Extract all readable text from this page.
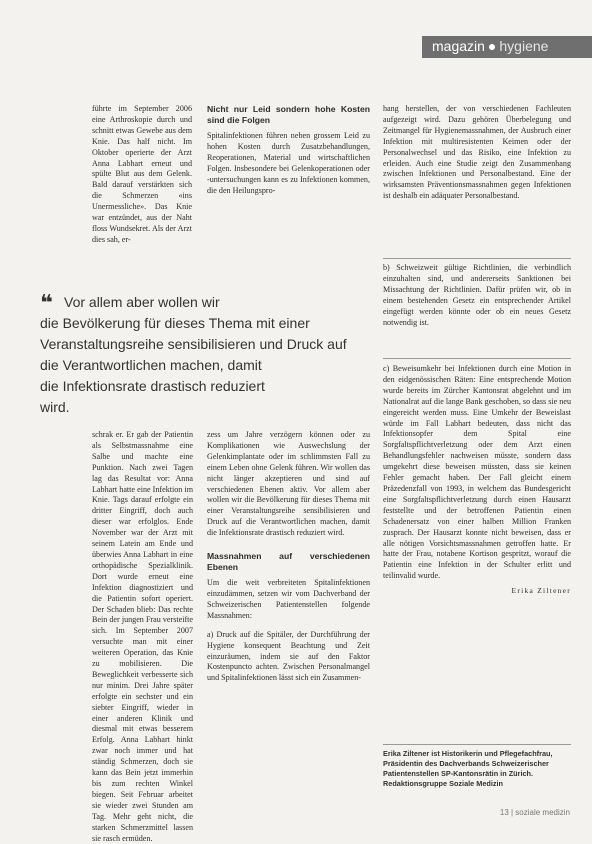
magazin ● hygiene

führte im September 2006 eine Arthroskopie durch und schnitt etwas Gewebe aus dem Knie. Das half nicht. Im Oktober operierte der Arzt Anna Labhart erneut und spülte Blut aus dem Gelenk. Bald darauf verstärkten sich die Schmerzen «ins Unermessliche». Das Knie war entzündet, aus der Naht floss Wundsekret. Als der Arzt dies sah, er-

Nicht nur Leid sondern hohe Kosten sind die Folgen

Spitalinfektionen führen neben grossem Leid zu hohen Kosten durch Zusatzbehandlungen, Reoperationen, Material und wirtschaftlichen Folgen. Insbesondere bei Gelenkoperationen oder -untersuchungen kann es zu Infektionen kommen, die den Heilungspro-

❝ Vor allem aber wollen wir
die Bevölkerung für dieses Thema mit einer
Veranstaltungsreihe sensibilisieren und Druck auf
die Verantwortlichen machen, damit
die Infektionsrate drastisch reduziert
wird.

schrak er. Er gab der Patientin als Selbstmassnahme eine Salbe und machte eine Punktion. Nach zwei Tagen lag das Resultat vor: Anna Labhart hatte eine Infektion im Knie. Tags darauf erfolgte ein dritter Eingriff, doch auch dieser war erfolglos. Ende November war der Arzt mit seinem Latein am Ende und überwies Anna Labhart in eine orthopädische Spezialklinik. Dort wurde erneut eine Infektion diagnostiziert und die Patientin sofort operiert. Der Schaden blieb: Das rechte Bein der jungen Frau versteifte sich. Im September 2007 versuchte man mit einer weiteren Operation, das Knie zu mobilisieren. Die Beweglichkeit verbesserte sich nur minim. Drei Jahre später erfolgte ein sechster und ein siebter Eingriff, wieder in einer anderen Klinik und diesmal mit etwas besserem Erfolg. Anna Labhart hinkt zwar noch immer und hat ständig Schmerzen, doch sie kann das Bein jetzt immerhin bis zum rechten Winkel biegen. Seit Februar arbeitet sie wieder zwei Stunden am Tag. Mehr geht nicht, die starken Schmerzmittel lassen sie rasch ermüden.

zess um Jahre verzögern können oder zu Komplikationen wie Auswechslung der Gelenkimplantate oder im schlimmsten Fall zu einem Leben ohne Gelenk führen. Wir wollen das nicht länger akzeptieren und sind auf verschiedenen Ebenen aktiv. Vor allem aber wollen wir die Bevölkerung für dieses Thema mit einer Veranstaltungsreihe sensibilisieren und Druck auf die Verantwortlichen machen, damit die Infektionsrate drastisch reduziert wird.

Massnahmen auf verschiedenen Ebenen

Um die weit verbreiteten Spitalinfektionen einzudämmen, setzen wir vom Dachverband der Schweizerischen Patientenstellen folgende Massnahmen:

a) Druck auf die Spitäler, der Durchführung der Hygiene konsequent Beachtung und Zeit einzuräumen, indem sie auf den Faktor Kostenpuncto achten. Zwischen Personalmangel und Spitalinfektionen lässt sich ein Zusammen-

hang herstellen, der von verschiedenen Fachleuten aufgezeigt wird. Dazu gehören Überbelegung und Zeitmangel für Hygienemassnahmen, der Ausbruch einer Infektion mit multiresistenten Keimen oder der Personalwechsel und das Risiko, eine Infektion zu erleiden. Auch eine Studie zeigt den Zusammenhang zwischen Infektionen und Personalbestand. Eine der wirksamsten Präventionsmassnahmen gegen Infektionen ist deshalb ein adäquater Personalbestand.

b) Schweizweit gültige Richtlinien, die verbindlich einzuhalten sind, und andererseits Sanktionen bei Missachtung der Richtlinien. Dafür prüfen wir, ob in einem bestehenden Gesetz ein entsprechender Artikel eingefügt werden könnte oder ob ein neues Gesetz notwendig ist.

c) Beweisumkehr bei Infektionen durch eine Motion in den eidgenössischen Räten: Eine entsprechende Motion wurde bereits im Zürcher Kantonsrat abgelehnt und im Nationalrat auf die lange Bank geschoben, so dass sie neu eingereicht werden muss. Eine Umkehr der Beweislast würde im Fall Labhart bedeuten, dass nicht das Infektionsopfer dem Spital eine Sorgfaltspflichtverletzung oder dem Arzt einen Behandlungsfehler nachweisen müsste, sondern dass umgekehrt diese beweisen müssten, dass sie keinen Fehler gemacht haben. Der Fall gleicht einem Präzedenzfall von 1993, in welchem das Bundesgericht eine Sorgfaltspflichtverletzung durch einen Hausarzt feststellte und der betroffenen Patientin einen Schadenersatz von einer halben Million Franken zusprach. Der Hausarzt konnte nicht beweisen, dass er alle nötigen Vorsichtsmassnahmen getroffen hatte. Er hatte der Frau, notabene Kortison gespritzt, worauf die Patientin eine Infektion in der Schulter erlitt und teilinvalid wurde.

Erika Ziltener
Erika Ziltener ist Historikerin und Pflegefachfrau, Präsidentin des Dachverbands Schweizerischer Patientenstellen SP-Kantonsrätin in Zürich. Redaktionsgruppe Soziale Medizin
13 | soziale medizin
